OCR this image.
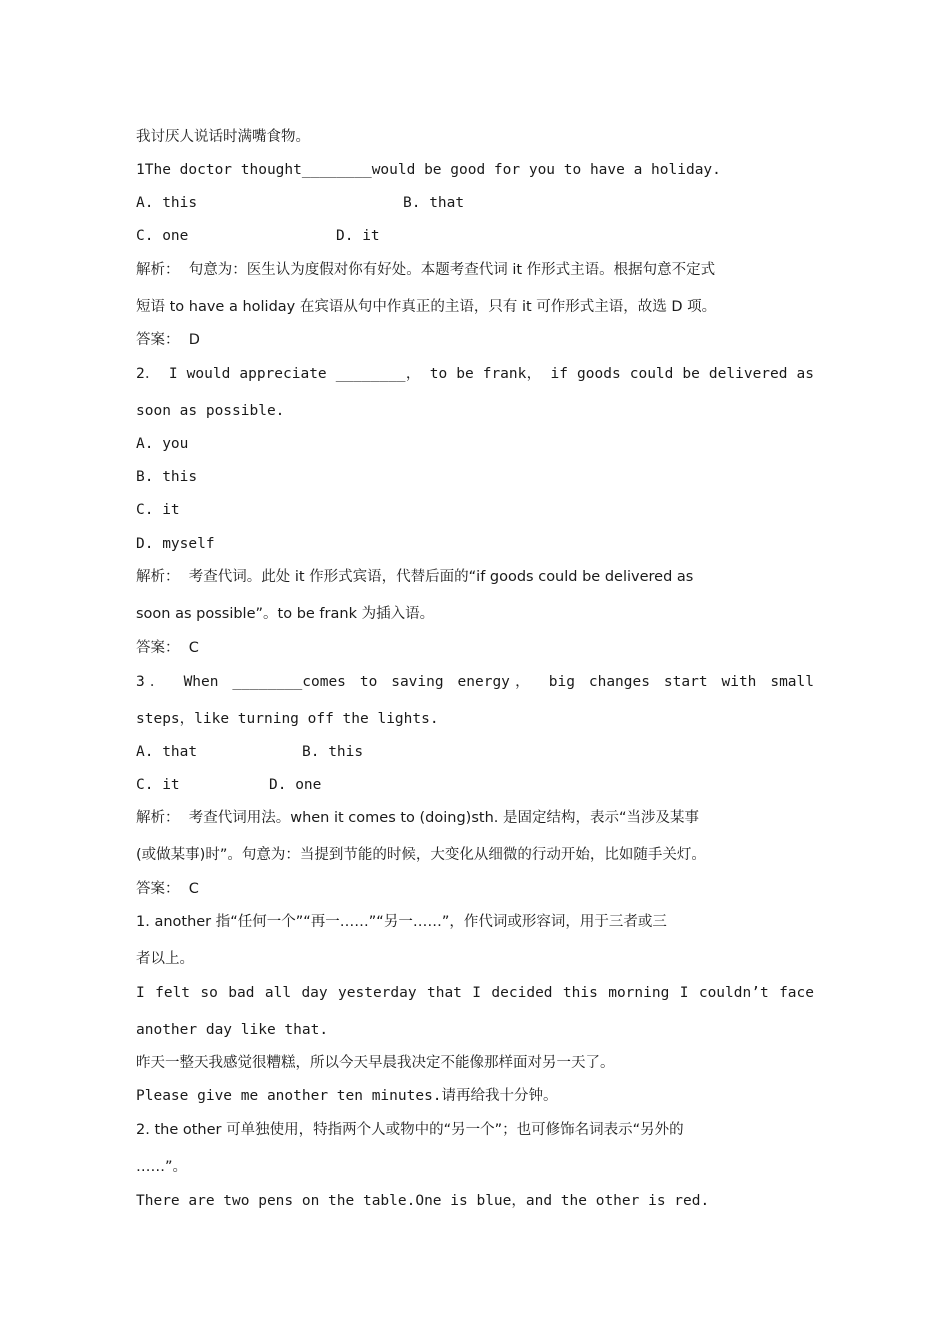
我讨厌人说话时满嘴食物。
1The doctor thought________would be good for you to have a holiday.
A. this	B. that
C. one	D. it
解析：  句意为：医生认为度假对你有好处。本题考查代词 it 作形式主语。根据句意不定式
短语 to have a holiday 在宾语从句中作真正的主语，只有 it 可作形式主语，故选 D 项。
答案：  D
2． I would appreciate ________， to be frank， if goods could be delivered as
soon as possible.
A. you
B. this
C. it
D. myself
解析：  考查代词。此处 it 作形式宾语，代替后面的“if goods could be delivered as
soon as possible”。to be frank 为插入语。
答案：  C
3． When ________comes to saving energy， big changes start with small
steps，like turning off the lights.
A. that	B. this
C. it	D. one
解析：  考查代词用法。when it comes to (doing)sth. 是固定结构，表示“当涉及某事
(或做某事)时”。句意为：当提到节能的时候，大变化从细微的行动开始，比如随手关灯。
答案：  C
1. another 指“任何一个”“再一……”“另一……”，作代词或形容词，用于三者或三
者以上。
I felt so bad all day yesterday that I decided this morning I couldn’t face
another day like that.
昨天一整天我感觉很糟糕，所以今天早晨我决定不能像那样面对另一天了。
Please give me another ten minutes.请再给我十分钟。
2. the other 可单独使用，特指两个人或物中的“另一个”；也可修饰名词表示“另外的
……”。
There are two pens on the table.One is blue，and the other is red.
